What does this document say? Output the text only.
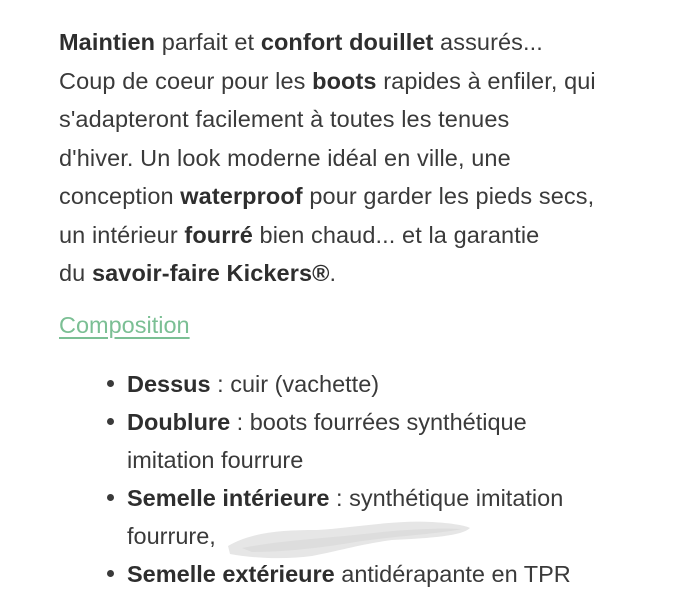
Maintien parfait et confort douillet assurés...
Coup de coeur pour les boots rapides à enfiler, qui
s'adapteront facilement à toutes les tenues
d'hiver. Un look moderne idéal en ville, une
conception waterproof pour garder les pieds secs,
un intérieur fourré bien chaud... et la garantie
du savoir-faire Kickers®.
Composition
Dessus : cuir (vachette)
Doublure : boots fourrées synthétique
imitation fourrure
Semelle intérieure : synthétique imitation
fourrure,
Semelle extérieure antidérapante en TPR
